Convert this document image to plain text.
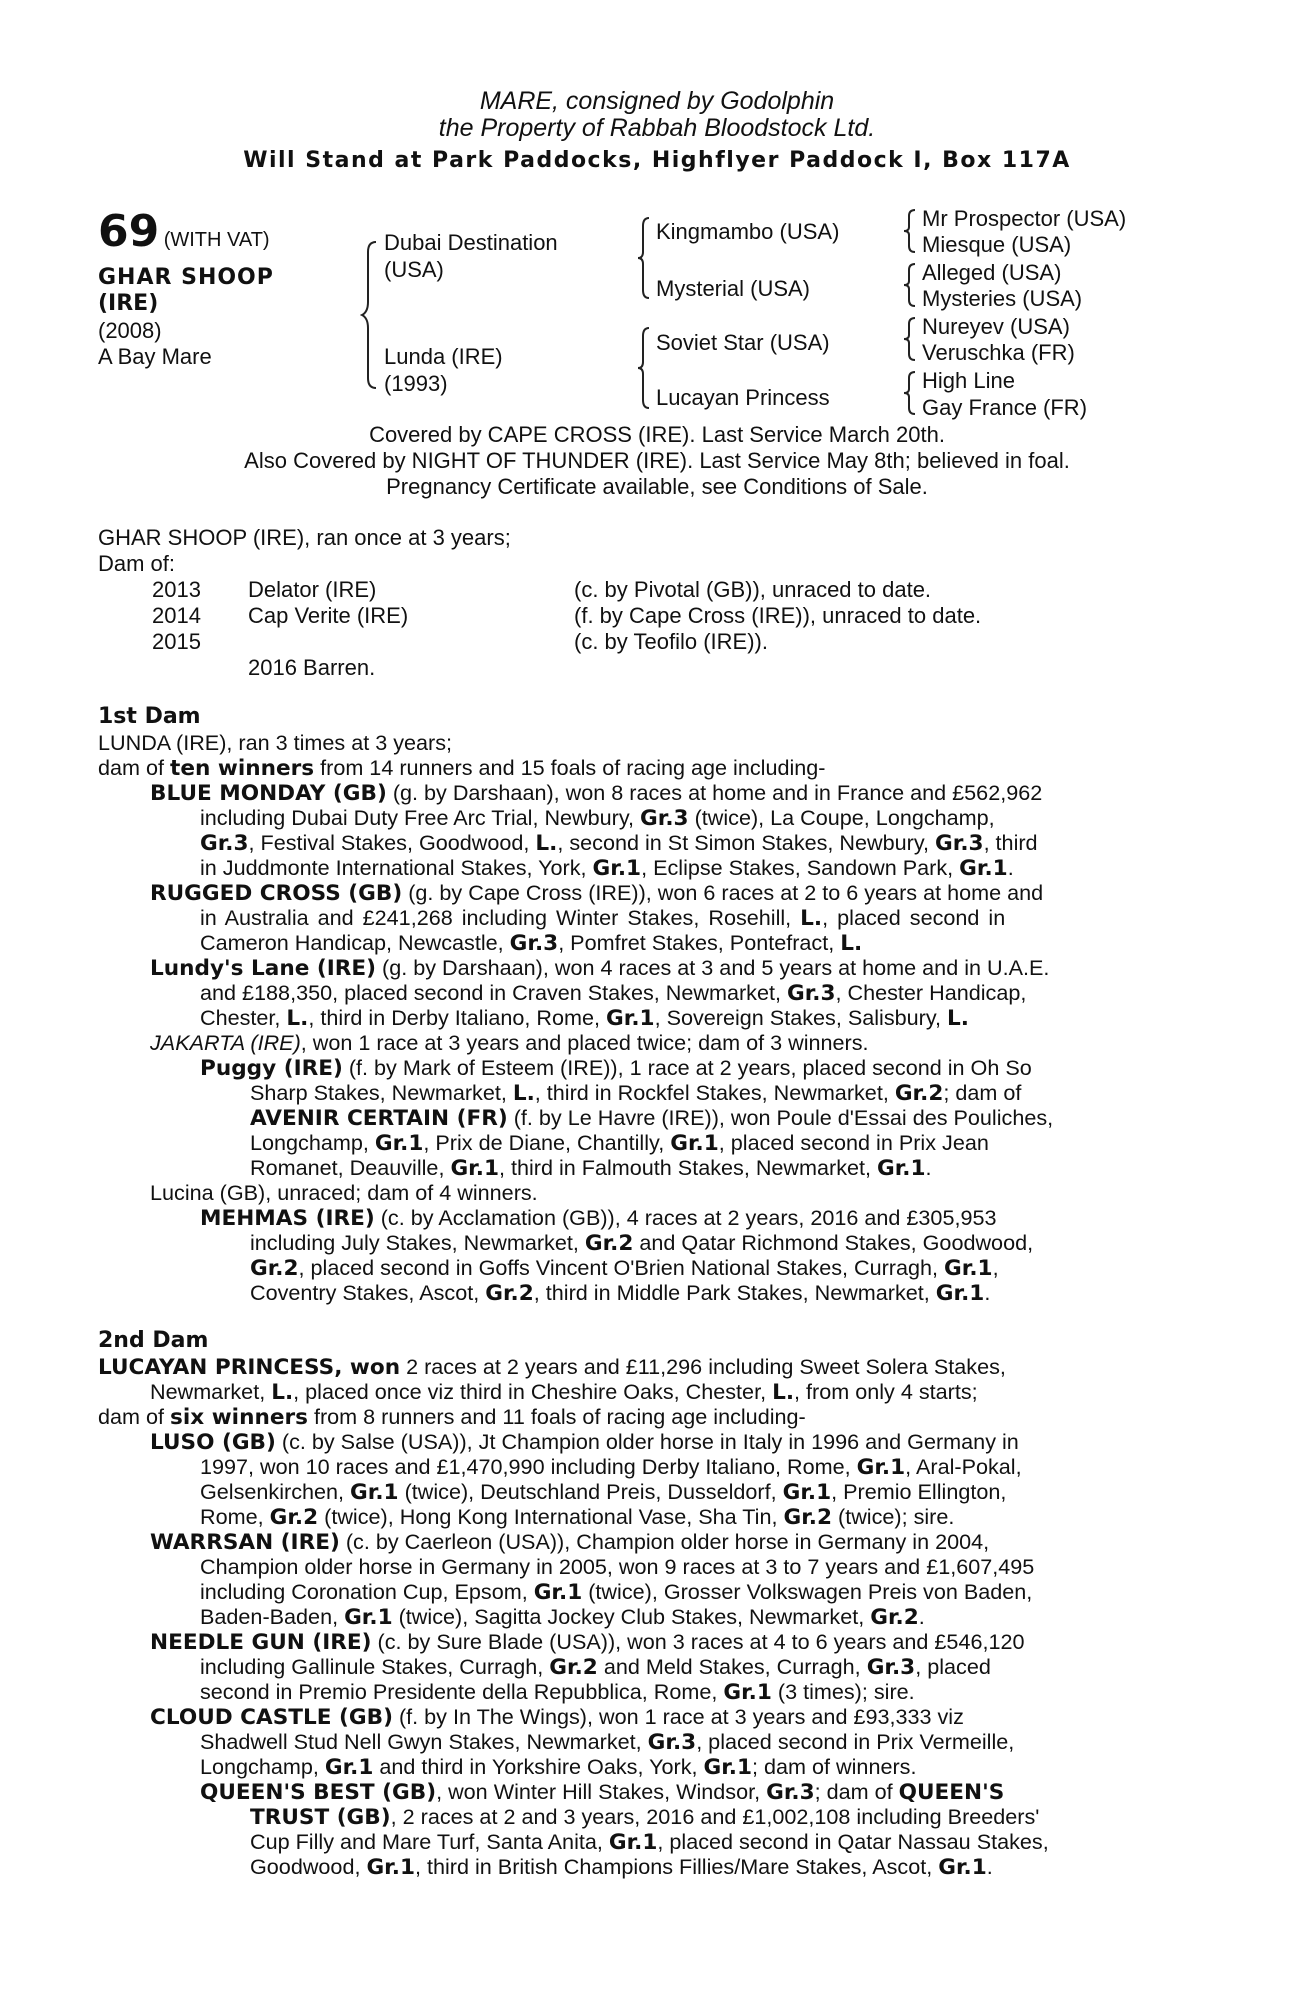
MARE, consigned by Godolphin
the Property of Rabbah Bloodstock Ltd.
Will Stand at Park Paddocks, Highflyer Paddock I, Box 117A
69 (WITH VAT)
GHAR SHOOP
(IRE)
(2008)
A Bay Mare
Dubai Destination
(USA)
Lunda (IRE)
(1993)
Kingmambo (USA)
Mysterial (USA)
Soviet Star (USA)
Lucayan Princess
Mr Prospector (USA)
Miesque (USA)
Alleged (USA)
Mysteries (USA)
Nureyev (USA)
Veruschka (FR)
High Line
Gay France (FR)
Covered by CAPE CROSS (IRE). Last Service March 20th.
Also Covered by NIGHT OF THUNDER (IRE). Last Service May 8th; believed in foal.
Pregnancy Certificate available, see Conditions of Sale.
GHAR SHOOP (IRE), ran once at 3 years;
Dam of:
2013 Delator (IRE)	(c. by Pivotal (GB)), unraced to date.
2014 Cap Verite (IRE)	(f. by Cape Cross (IRE)), unraced to date.
2015	(c. by Teofilo (IRE)).
2016 Barren.
1st Dam
LUNDA (IRE), ran 3 times at 3 years;
dam of ten winners from 14 runners and 15 foals of racing age including-
BLUE MONDAY (GB) (g. by Darshaan), won 8 races at home and in France and £562,962
including Dubai Duty Free Arc Trial, Newbury, Gr.3 (twice), La Coupe, Longchamp,
Gr.3, Festival Stakes, Goodwood, L., second in St Simon Stakes, Newbury, Gr.3, third
in Juddmonte International Stakes, York, Gr.1, Eclipse Stakes, Sandown Park, Gr.1.
RUGGED CROSS (GB) (g. by Cape Cross (IRE)), won 6 races at 2 to 6 years at home and
in Australia and £241,268 including Winter Stakes, Rosehill, L., placed second in
Cameron Handicap, Newcastle, Gr.3, Pomfret Stakes, Pontefract, L.
Lundy's Lane (IRE) (g. by Darshaan), won 4 races at 3 and 5 years at home and in U.A.E.
and £188,350, placed second in Craven Stakes, Newmarket, Gr.3, Chester Handicap,
Chester, L., third in Derby Italiano, Rome, Gr.1, Sovereign Stakes, Salisbury, L.
JAKARTA (IRE), won 1 race at 3 years and placed twice; dam of 3 winners.
Puggy (IRE) (f. by Mark of Esteem (IRE)), 1 race at 2 years, placed second in Oh So
Sharp Stakes, Newmarket, L., third in Rockfel Stakes, Newmarket, Gr.2; dam of
AVENIR CERTAIN (FR) (f. by Le Havre (IRE)), won Poule d'Essai des Pouliches,
Longchamp, Gr.1, Prix de Diane, Chantilly, Gr.1, placed second in Prix Jean
Romanet, Deauville, Gr.1, third in Falmouth Stakes, Newmarket, Gr.1.
Lucina (GB), unraced; dam of 4 winners.
MEHMAS (IRE) (c. by Acclamation (GB)), 4 races at 2 years, 2016 and £305,953
including July Stakes, Newmarket, Gr.2 and Qatar Richmond Stakes, Goodwood,
Gr.2, placed second in Goffs Vincent O'Brien National Stakes, Curragh, Gr.1,
Coventry Stakes, Ascot, Gr.2, third in Middle Park Stakes, Newmarket, Gr.1.
2nd Dam
LUCAYAN PRINCESS, won 2 races at 2 years and £11,296 including Sweet Solera Stakes,
Newmarket, L., placed once viz third in Cheshire Oaks, Chester, L., from only 4 starts;
dam of six winners from 8 runners and 11 foals of racing age including-
LUSO (GB) (c. by Salse (USA)), Jt Champion older horse in Italy in 1996 and Germany in
1997, won 10 races and £1,470,990 including Derby Italiano, Rome, Gr.1, Aral-Pokal,
Gelsenkirchen, Gr.1 (twice), Deutschland Preis, Dusseldorf, Gr.1, Premio Ellington,
Rome, Gr.2 (twice), Hong Kong International Vase, Sha Tin, Gr.2 (twice); sire.
WARRSAN (IRE) (c. by Caerleon (USA)), Champion older horse in Germany in 2004,
Champion older horse in Germany in 2005, won 9 races at 3 to 7 years and £1,607,495
including Coronation Cup, Epsom, Gr.1 (twice), Grosser Volkswagen Preis von Baden,
Baden-Baden, Gr.1 (twice), Sagitta Jockey Club Stakes, Newmarket, Gr.2.
NEEDLE GUN (IRE) (c. by Sure Blade (USA)), won 3 races at 4 to 6 years and £546,120
including Gallinule Stakes, Curragh, Gr.2 and Meld Stakes, Curragh, Gr.3, placed
second in Premio Presidente della Repubblica, Rome, Gr.1 (3 times); sire.
CLOUD CASTLE (GB) (f. by In The Wings), won 1 race at 3 years and £93,333 viz
Shadwell Stud Nell Gwyn Stakes, Newmarket, Gr.3, placed second in Prix Vermeille,
Longchamp, Gr.1 and third in Yorkshire Oaks, York, Gr.1; dam of winners.
QUEEN'S BEST (GB), won Winter Hill Stakes, Windsor, Gr.3; dam of QUEEN'S
TRUST (GB), 2 races at 2 and 3 years, 2016 and £1,002,108 including Breeders'
Cup Filly and Mare Turf, Santa Anita, Gr.1, placed second in Qatar Nassau Stakes,
Goodwood, Gr.1, third in British Champions Fillies/Mare Stakes, Ascot, Gr.1.
